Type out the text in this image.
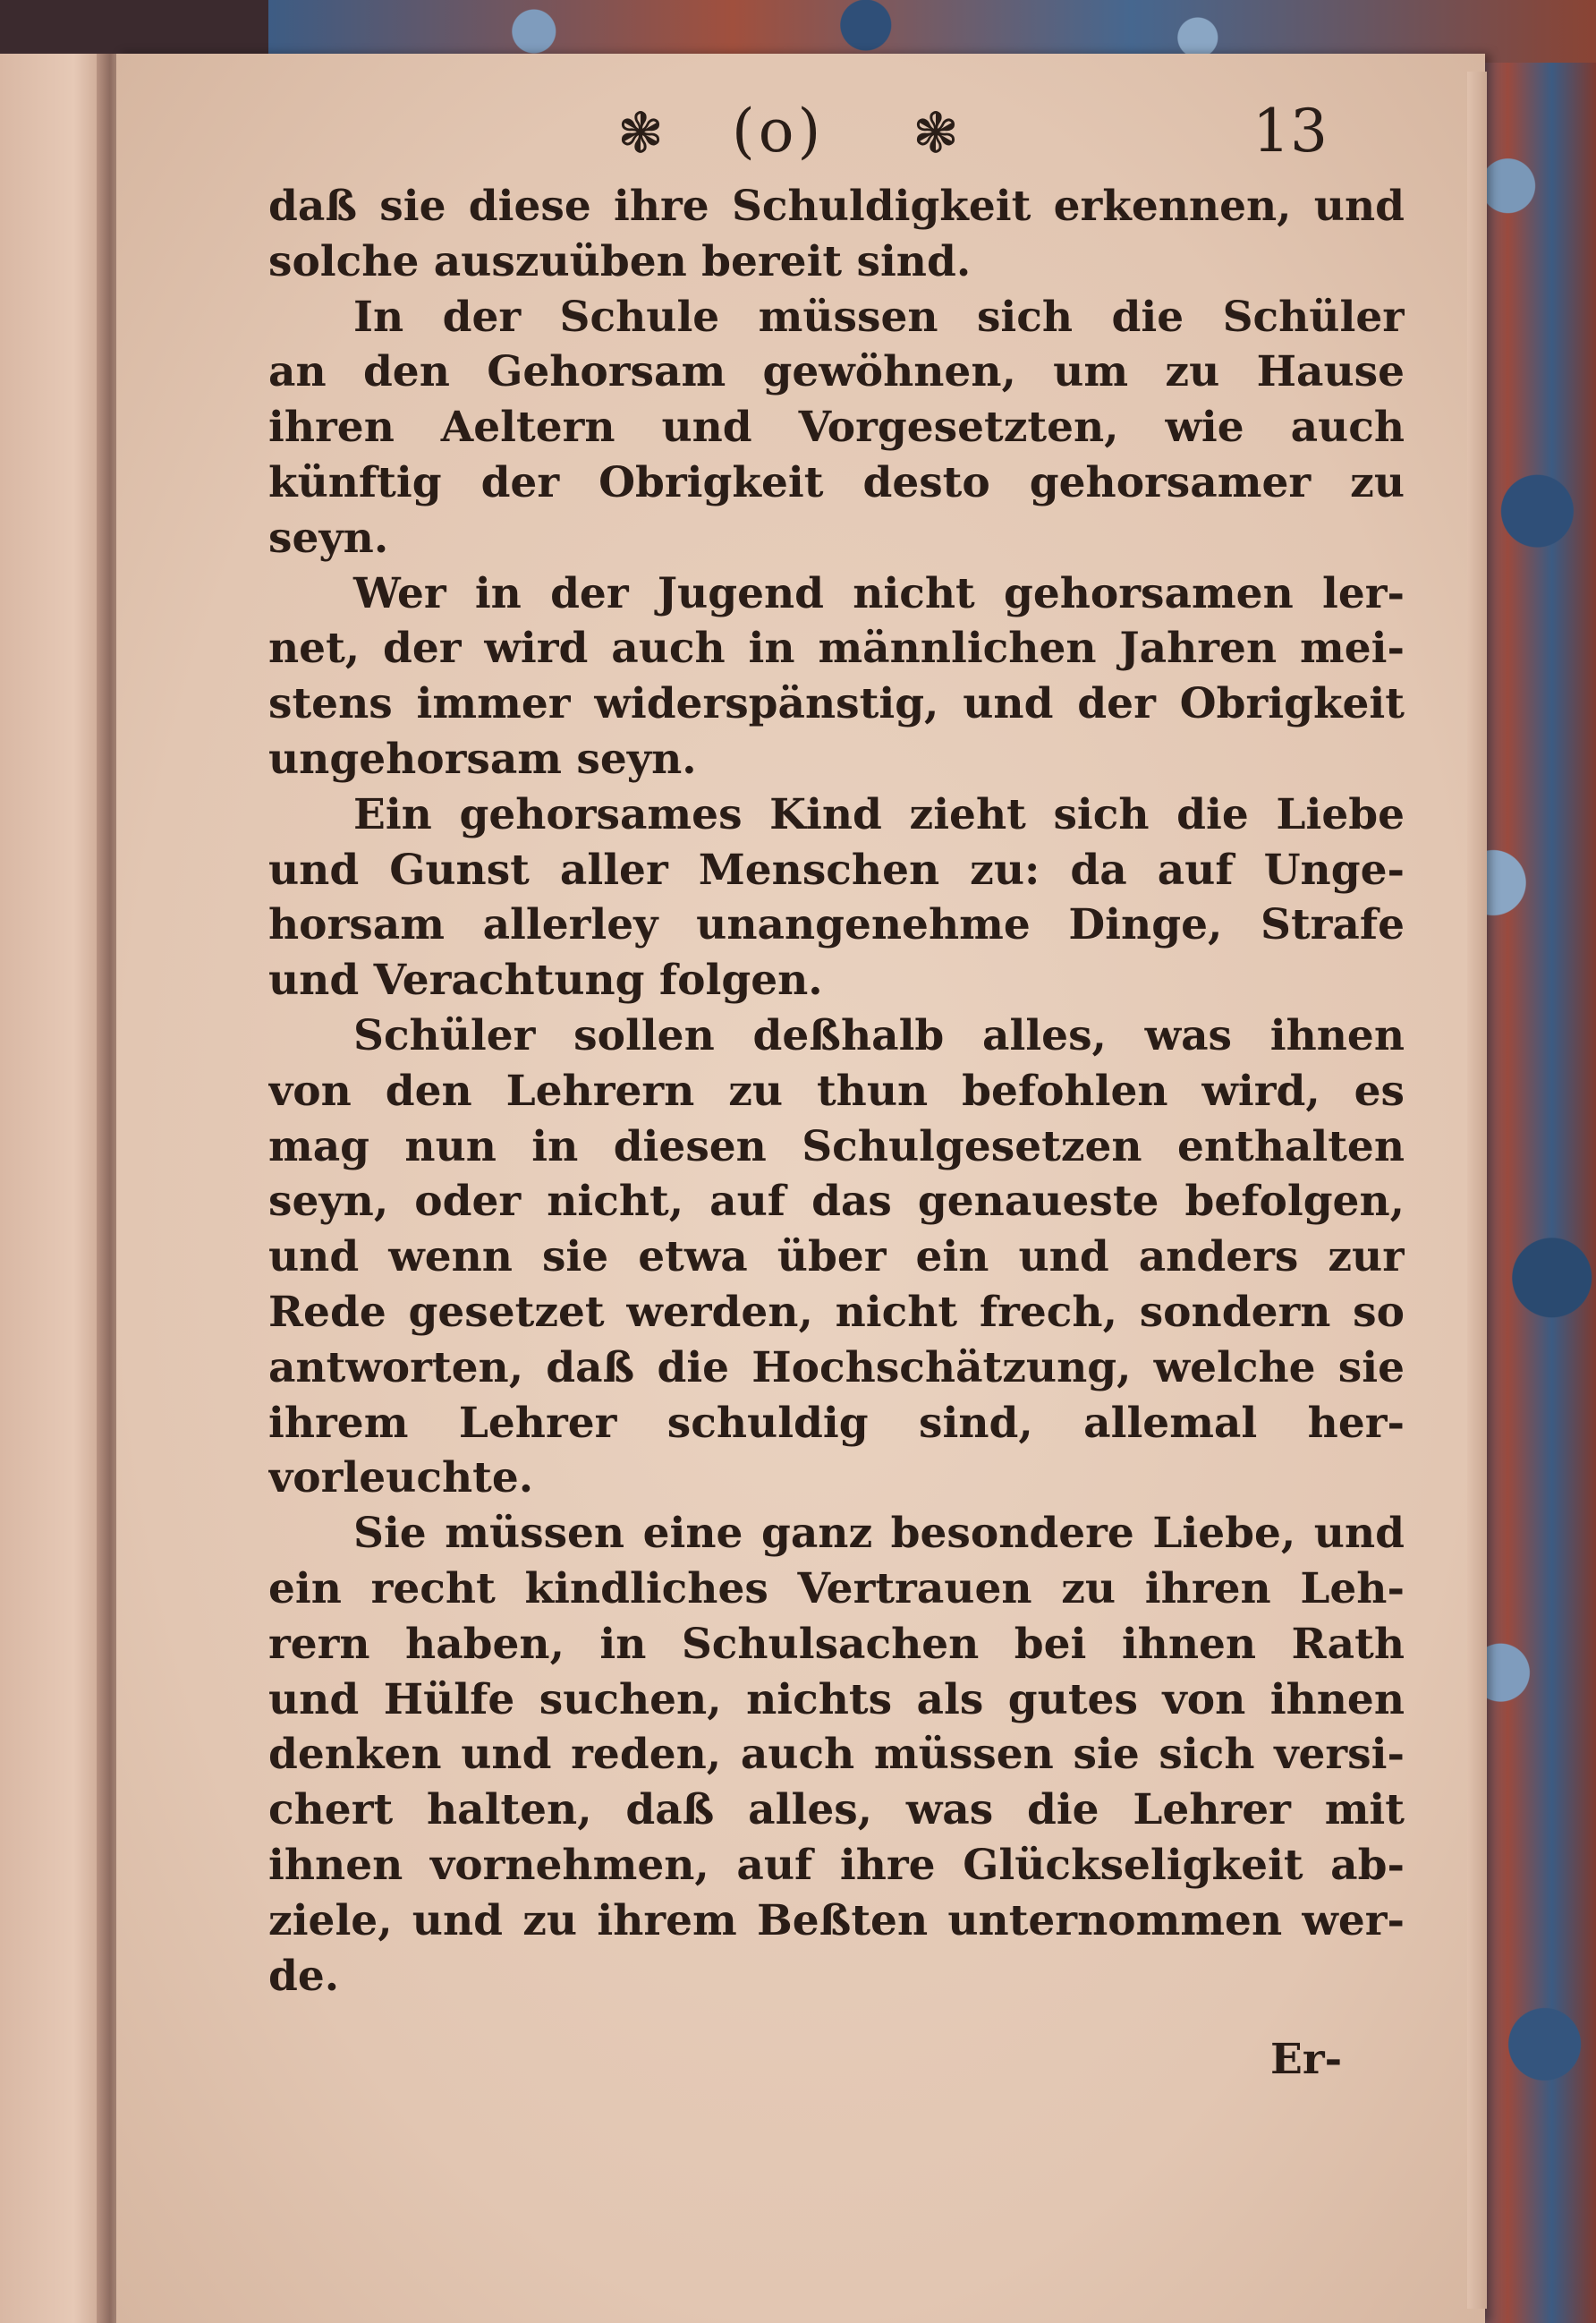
❃ (o) ❃	13
daß sie diese ihre Schuldigkeit erkennen, und
solche auszuüben bereit sind.
In der Schule müssen sich die Schüler
an den Gehorsam gewöhnen, um zu Hause
ihren Aeltern und Vorgesetzten, wie auch
künftig der Obrigkeit desto gehorsamer zu
seyn.
Wer in der Jugend nicht gehorsamen ler-
net, der wird auch in männlichen Jahren mei-
stens immer widerspänstig, und der Obrigkeit
ungehorsam seyn.
Ein gehorsames Kind zieht sich die Liebe
und Gunst aller Menschen zu: da auf Unge-
horsam allerley unangenehme Dinge, Strafe
und Verachtung folgen.
Schüler sollen deßhalb alles, was ihnen
von den Lehrern zu thun befohlen wird, es
mag nun in diesen Schulgesetzen enthalten
seyn, oder nicht, auf das genaueste befolgen,
und wenn sie etwa über ein und anders zur
Rede gesetzet werden, nicht frech, sondern so
antworten, daß die Hochschätzung, welche sie
ihrem Lehrer schuldig sind, allemal her-
vorleuchte.
Sie müssen eine ganz besondere Liebe, und
ein recht kindliches Vertrauen zu ihren Leh-
rern haben, in Schulsachen bei ihnen Rath
und Hülfe suchen, nichts als gutes von ihnen
denken und reden, auch müssen sie sich versi-
chert halten, daß alles, was die Lehrer mit
ihnen vornehmen, auf ihre Glückseligkeit ab-
ziele, und zu ihrem Beßten unternommen wer-
de.
Er-
